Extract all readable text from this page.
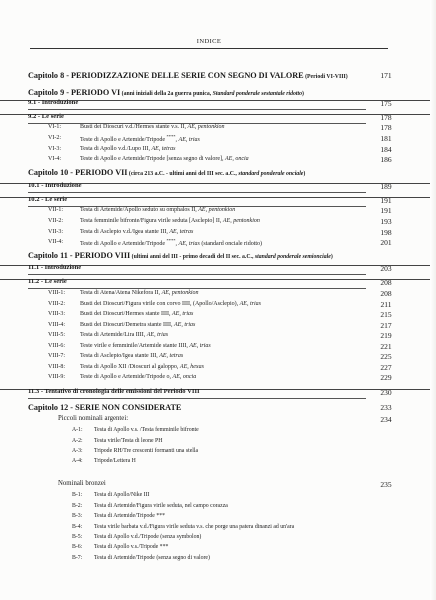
INDICE
Capitolo 8 - PERIODIZZAZIONE DELLE SERIE CON SEGNO DI VALORE (Periodi VI-VIII)	171
Capitolo 9 - PERIODO VI (anni iniziali della 2a guerra punica, Standard ponderale sestantale ridotto)
9.1 - Introduzione	175
9.2 - Le serie	178
VI-1:	Busti dei Dioscuri v.d./Hermes stante v.s. II, AE, pentonkion	178
VI-2:	Teste di Apollo e Artemide/Tripode ****, AE, trias	181
VI-3:	Testa di Apollo v.d./Lupo III, AE, tetras	184
VI-4:	Teste di Apollo e Artemide/Tripode [senza segno di valore], AE, oncia	186
Capitolo 10 - PERIODO VII (circa 213 a.C. - ultimi anni del III sec. a.C., standard ponderale onciale)
10.1 - Introduzione	189
10.2 - Le serie	191
VII-1:	Testa di Artemide/Apollo seduto su omphalos II, AE, pentonkion	191
VII-2:	Testa femminile bifronte/Figura virile seduta [Asclepio] II, AE, pentonkion	193
VII-3:	Testa di Asclepio v.d./Igea stante III, AE, tetras	198
VII-4:	Teste di Apollo e Artemide/Tripode ****, AE, trias (standard onciale ridotto)	201
Capitolo 11 - PERIODO VIII (ultimi anni del III - primo decadi del II sec. a.C., standard ponderale semionciale)
11.1 - Introduzione	203
11.2 - Le serie	208
VIII-1:	Testa di Atena/Atena Nikefora II, AE, pentonkion	208
VIII-2:	Busti dei Dioscuri/Figura virile con corvo IIII, (Apollo/Asclepio), AE, trias	211
VIII-3:	Busti dei Dioscuri/Hermes stante IIII, AE, trias	215
VIII-4:	Busti dei Dioscuri/Demetra stante IIII, AE, trias	217
VIII-5:	Testa di Artemide/Lira IIII, AE, trias	219
VIII-6:	Teste virile e femminile/Artemide stante IIII, AE, trias	221
VIII-7:	Testa di Asclepio/Igea stante III, AE, tetras	225
VIII-8:	Testa di Apollo XII /Dioscuri al galoppo, AE, hexas	227
VIII-9:	Teste di Apollo e Artemide/Tripode o, AE, oncia	229
11.3 - Tentativo di cronologia delle emissioni del Periodo VIII	230
Capitolo 12 - SERIE NON CONSIDERATE	233
Piccoli nominali argentei:	234
A-1: Testa di Apollo v.s. /Testa femminile bifronte
A-2: Testa virile/Testa di leone PH
A-3: Tripode RH/Tre crescenti formanti una stella
A-4: Tripode/Lettera H
Nominali bronzei	235
B-1: Testa di Apollo/Nike III
B-2: Testa di Artemide/Figura virile seduta, nel campo corazza
B-3: Testa di Artemide/Tripode ***
B-4: Testa virile barbata v.d./Figura virile seduta v.s. che porge una patera dinanzi ad un'ara
B-5: Testa di Apollo v.d./Tripode (senza symbolon)
B-6: Testa di Apollo v.s./Tripode ***
B-7: Testa di Artemide/Tripode (senza segno di valore)
